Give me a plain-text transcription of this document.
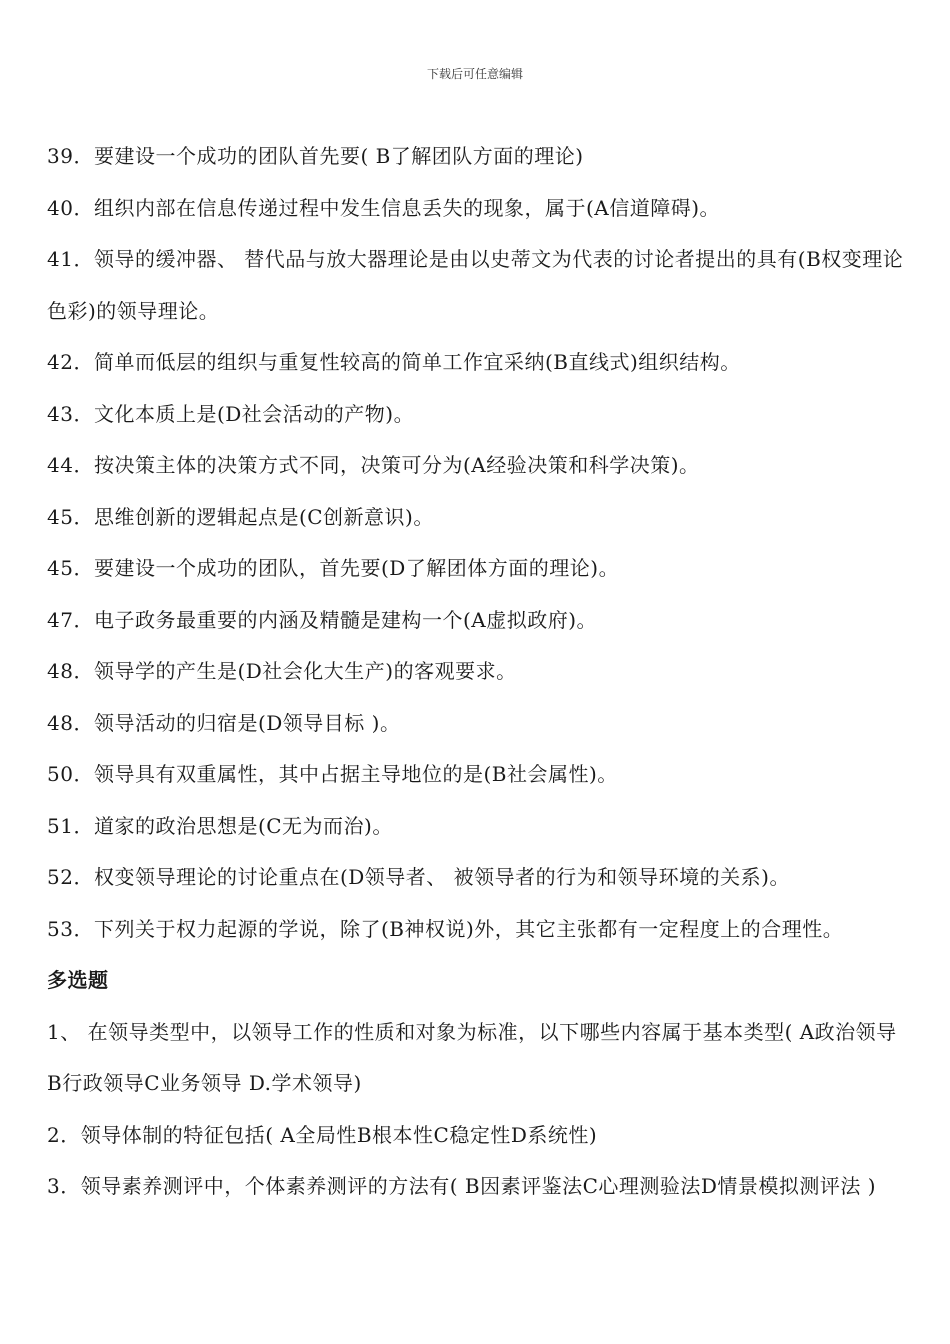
下载后可任意编辑

39．要建设一个成功的团队首先要( B了解团队方面的理论)

40．组织内部在信息传递过程中发生信息丢失的现象，属于(A信道障碍)。

41．领导的缓冲器、 替代品与放大器理论是由以史蒂文为代表的讨论者提出的具有(B权变理论色彩)的领导理论。

42．简单而低层的组织与重复性较高的简单工作宜采纳(B直线式)组织结构。

43．文化本质上是(D社会活动的产物)。

44．按决策主体的决策方式不同，决策可分为(A经验决策和科学决策)。

45．思维创新的逻辑起点是(C创新意识)。

45．要建设一个成功的团队，首先要(D了解团体方面的理论)。

47．电子政务最重要的内涵及精髓是建构一个(A虚拟政府)。

48．领导学的产生是(D社会化大生产)的客观要求。

48．领导活动的归宿是(D领导目标 )。

50．领导具有双重属性，其中占据主导地位的是(B社会属性)。

51．道家的政治思想是(C无为而治)。

52．权变领导理论的讨论重点在(D领导者、 被领导者的行为和领导环境的关系)。

53．下列关于权力起源的学说，除了(B神权说)外，其它主张都有一定程度上的合理性。

多选题

1、 在领导类型中，以领导工作的性质和对象为标准，以下哪些内容属于基本类型( A政治领导B行政领导C业务领导 D.学术领导)

2．领导体制的特征包括( A全局性B根本性C稳定性D系统性)

3．领导素养测评中，个体素养测评的方法有( B因素评鉴法C心理测验法D情景模拟测评法 )
